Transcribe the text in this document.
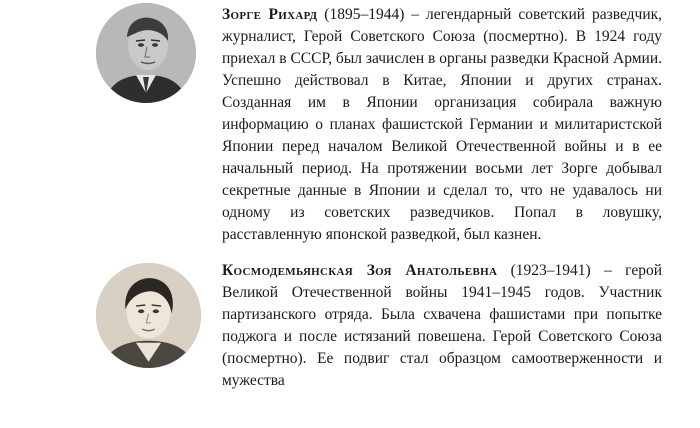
Зорге Рихард (1895–1944) – легендарный советский разведчик, журналист, Герой Советского Союза (посмертно). В 1924 году приехал в СССР, был зачислен в органы разведки Красной Армии. Успешно действовал в Китае, Японии и других странах. Созданная им в Японии организация собирала важную информацию о планах фашистской Германии и милитаристской Японии перед началом Великой Отечественной войны и в ее начальный период. На протяжении восьми лет Зорге добывал секретные данные в Японии и сделал то, что не удавалось ни одному из советских разведчиков. Попал в ловушку, расставленную японской разведкой, был казнен.
Космодемьянская Зоя Анатольевна (1923–1941) – герой Великой Отечественной войны 1941–1945 годов. Участник партизанского отряда. Была схвачена фашистами при попытке поджога и после истязаний повешена. Герой Советского Союза (посмертно). Ее подвиг стал образцом самоотверженности и мужества
